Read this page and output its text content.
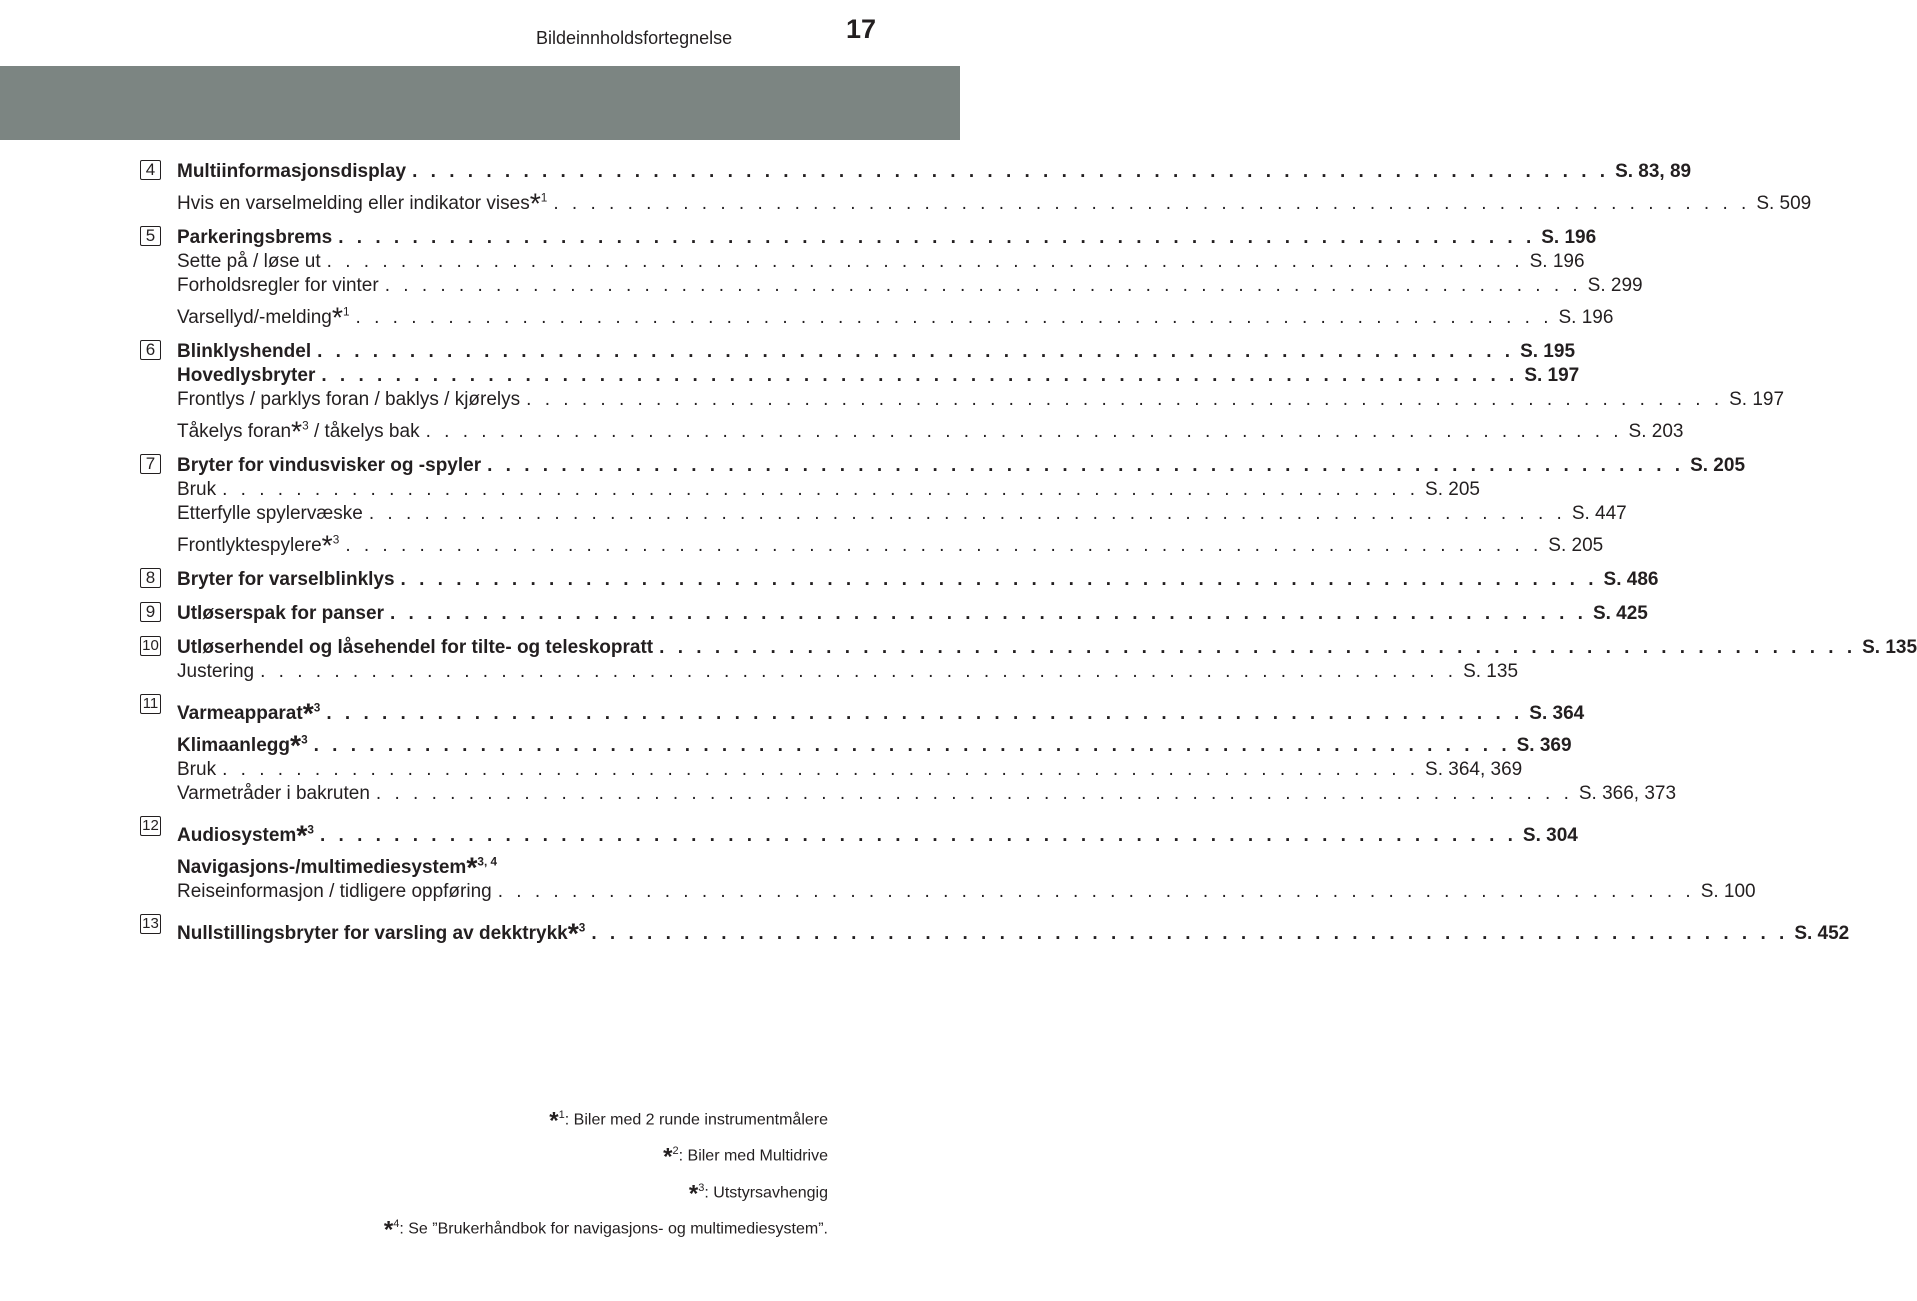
Bildeinnholdsfortegnelse	17
4	Multiinformasjonsdisplay . . . . . . . . . . . . . . . . . . . . . . . . . . . . . . . . . . . . . . . . . . . . . . . . . . . . . . . . . . . . . . . . . S. 83, 89
Hvis en varselmelding eller indikator vises*$^1$ . . . . . . . . . . . . . . . . . . . . . . . . . . . . . . . . . . . . . . . . . . . . . . . . . . . . . . . . . . . . . . . . . S. 509
5	Parkeringsbrems . . . . . . . . . . . . . . . . . . . . . . . . . . . . . . . . . . . . . . . . . . . . . . . . . . . . . . . . . . . . . . . . . S. 196
Sette på / løse ut . . . . . . . . . . . . . . . . . . . . . . . . . . . . . . . . . . . . . . . . . . . . . . . . . . . . . . . . . . . . . . . . . S. 196
Forholdsregler for vinter . . . . . . . . . . . . . . . . . . . . . . . . . . . . . . . . . . . . . . . . . . . . . . . . . . . . . . . . . . . . . . . . . S. 299
Varsellyd/-melding*$^1$ . . . . . . . . . . . . . . . . . . . . . . . . . . . . . . . . . . . . . . . . . . . . . . . . . . . . . . . . . . . . . . . . . S. 196
6	Blinklyshendel . . . . . . . . . . . . . . . . . . . . . . . . . . . . . . . . . . . . . . . . . . . . . . . . . . . . . . . . . . . . . . . . . S. 195
Hovedlysbryter . . . . . . . . . . . . . . . . . . . . . . . . . . . . . . . . . . . . . . . . . . . . . . . . . . . . . . . . . . . . . . . . . S. 197
Frontlys / parklys foran / baklys / kjørelys . . . . . . . . . . . . . . . . . . . . . . . . . . . . . . . . . . . . . . . . . . . . . . . . . . . . . . . . . . . . . . . . . S. 197
Tåkelys foran*$^3$ / tåkelys bak . . . . . . . . . . . . . . . . . . . . . . . . . . . . . . . . . . . . . . . . . . . . . . . . . . . . . . . . . . . . . . . . . S. 203
7	Bryter for vindusvisker og -spyler . . . . . . . . . . . . . . . . . . . . . . . . . . . . . . . . . . . . . . . . . . . . . . . . . . . . . . . . . . . . . . . . . S. 205
Bruk . . . . . . . . . . . . . . . . . . . . . . . . . . . . . . . . . . . . . . . . . . . . . . . . . . . . . . . . . . . . . . . . . S. 205
Etterfylle spylervæske . . . . . . . . . . . . . . . . . . . . . . . . . . . . . . . . . . . . . . . . . . . . . . . . . . . . . . . . . . . . . . . . . S. 447
Frontlyktespylere*$^3$ . . . . . . . . . . . . . . . . . . . . . . . . . . . . . . . . . . . . . . . . . . . . . . . . . . . . . . . . . . . . . . . . . S. 205
8	Bryter for varselblinklys . . . . . . . . . . . . . . . . . . . . . . . . . . . . . . . . . . . . . . . . . . . . . . . . . . . . . . . . . . . . . . . . . S. 486
9	Utløserspak for panser . . . . . . . . . . . . . . . . . . . . . . . . . . . . . . . . . . . . . . . . . . . . . . . . . . . . . . . . . . . . . . . . . S. 425
10 Utløserhendel og låsehendel for tilte- og teleskopratt . . . . . . . . . . . . . . . . . . . . . . . . . . . . . . . . . . . . . . . . . . . . . . . . . . . . . . . . . . . . . . . . . S. 135
Justering . . . . . . . . . . . . . . . . . . . . . . . . . . . . . . . . . . . . . . . . . . . . . . . . . . . . . . . . . . . . . . . . . S. 135
11 Varmeapparat*$^3$ . . . . . . . . . . . . . . . . . . . . . . . . . . . . . . . . . . . . . . . . . . . . . . . . . . . . . . . . . . . . . . . . . S. 364
Klimaanlegg*$^3$ . . . . . . . . . . . . . . . . . . . . . . . . . . . . . . . . . . . . . . . . . . . . . . . . . . . . . . . . . . . . . . . . . S. 369
Bruk . . . . . . . . . . . . . . . . . . . . . . . . . . . . . . . . . . . . . . . . . . . . . . . . . . . . . . . . . . . . . . . . . S. 364, 369
Varmetråder i bakruten . . . . . . . . . . . . . . . . . . . . . . . . . . . . . . . . . . . . . . . . . . . . . . . . . . . . . . . . . . . . . . . . . S. 366, 373
12 Audiosystem*$^3$ . . . . . . . . . . . . . . . . . . . . . . . . . . . . . . . . . . . . . . . . . . . . . . . . . . . . . . . . . . . . . . . . . S. 304
Navigasjons-/multimediesystem*$^{3, 4}$
Reiseinformasjon / tidligere oppføring . . . . . . . . . . . . . . . . . . . . . . . . . . . . . . . . . . . . . . . . . . . . . . . . . . . . . . . . . . . . . . . . . S. 100
13 Nullstillingsbryter for varsling av dekktrykk*$^3$ . . . . . . . . . . . . . . . . . . . . . . . . . . . . . . . . . . . . . . . . . . . . . . . . . . . . . . . . . . . . . . . . . S. 452
*$^1$: Biler med 2 runde instrumentmålere
*$^2$: Biler med Multidrive
*$^3$: Utstyrsavhengig
*$^4$: Se ”Brukerhåndbok for navigasjons- og multimediesystem”.
